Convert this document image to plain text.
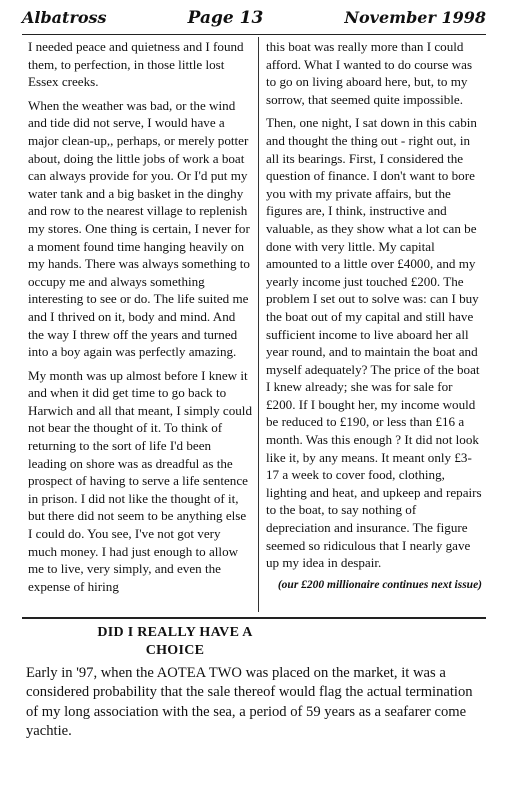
Albatross	Page 13	November 1998

I needed peace and quietness and I found them, to perfection, in those little lost Essex creeks.

When the weather was bad, or the wind and tide did not serve, I would have a major clean-up,, perhaps, or merely potter about, doing the little jobs of work a boat can always provide for you. Or I'd put my water tank and a big basket in the dinghy and row to the nearest village to replenish my stores. One thing is certain, I never for a moment found time hanging heavily on my hands. There was always something to occupy me and always something interesting to see or do. The life suited me and I thrived on it, body and mind. And the way I threw off the years and turned into a boy again was perfectly amazing.

My month was up almost before I knew it and when it did get time to go back to Harwich and all that meant, I simply could not bear the thought of it. To think of returning to the sort of life I'd been leading on shore was as dreadful as the prospect of having to serve a life sentence in prison. I did not like the thought of it, but there did not seem to be anything else I could do. You see, I've not got very much money. I had just enough to allow me to live, very simply, and even the expense of hiring

this boat was really more than I could afford. What I wanted to do course was to go on living aboard here, but, to my sorrow, that seemed quite impossible.

Then, one night, I sat down in this cabin and thought the thing out - right out, in all its bearings. First, I considered the question of finance. I don't want to bore you with my private affairs, but the figures are, I think, instructive and valuable, as they show what a lot can be done with very little. My capital amounted to a little over £4000, and my yearly income just touched £200. The problem I set out to solve was: can I buy the boat out of my capital and still have sufficient income to live aboard her all year round, and to maintain the boat and myself adequately? The price of the boat I knew already; she was for sale for £200. If I bought her, my income would be reduced to £190, or less than £16 a month. Was this enough ? It did not look like it, by any means. It meant only £3-17 a week to cover food, clothing, lighting and heat, and upkeep and repairs to the boat, to say nothing of depreciation and insurance. The figure seemed so ridiculous that I nearly gave up my idea in despair.

(our £200 millionaire continues next issue)
DID I REALLY HAVE A
CHOICE
Early in '97, when the AOTEA TWO was placed on the market, it was a considered probability that the sale thereof would flag the actual termination of my long association with the sea, a period of 59 years as a seafarer come yachtie.
